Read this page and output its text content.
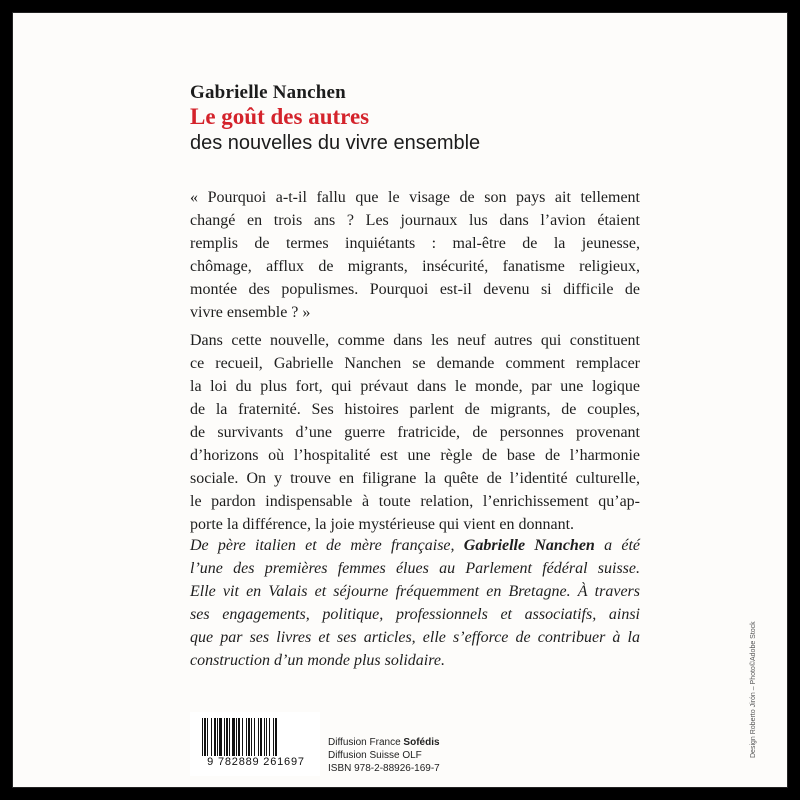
Gabrielle Nanchen
Le goût des autres
des nouvelles du vivre ensemble
« Pourquoi a-t-il fallu que le visage de son pays ait tellement
changé en trois ans ? Les journaux lus dans l’avion étaient
remplis de termes inquiétants : mal-être de la jeunesse,
chômage, afflux de migrants, insécurité, fanatisme religieux,
montée des populismes. Pourquoi est-il devenu si difficile de
vivre ensemble ? »
Dans cette nouvelle, comme dans les neuf autres qui constituent
ce recueil, Gabrielle Nanchen se demande comment remplacer
la loi du plus fort, qui prévaut dans le monde, par une logique
de la fraternité. Ses histoires parlent de migrants, de couples,
de survivants d’une guerre fratricide, de personnes provenant
d’horizons où l’hospitalité est une règle de base de l’harmonie
sociale. On y trouve en filigrane la quête de l’identité culturelle,
le pardon indispensable à toute relation, l’enrichissement qu’ap-
porte la différence, la joie mystérieuse qui vient en donnant.
De père italien et de mère française, Gabrielle Nanchen a été
l’une des premières femmes élues au Parlement fédéral suisse.
Elle vit en Valais et séjourne fréquemment en Bretagne. À travers
ses engagements, politique, professionnels et associatifs, ainsi
que par ses livres et ses articles, elle s’efforce de contribuer à la
construction d’un monde plus solidaire.	Design Roberto Jirón – Photo©Adobe Stock
9 782889 261697
Diffusion France Sofédis
Diffusion Suisse OLF
ISBN 978-2-88926-169-7
